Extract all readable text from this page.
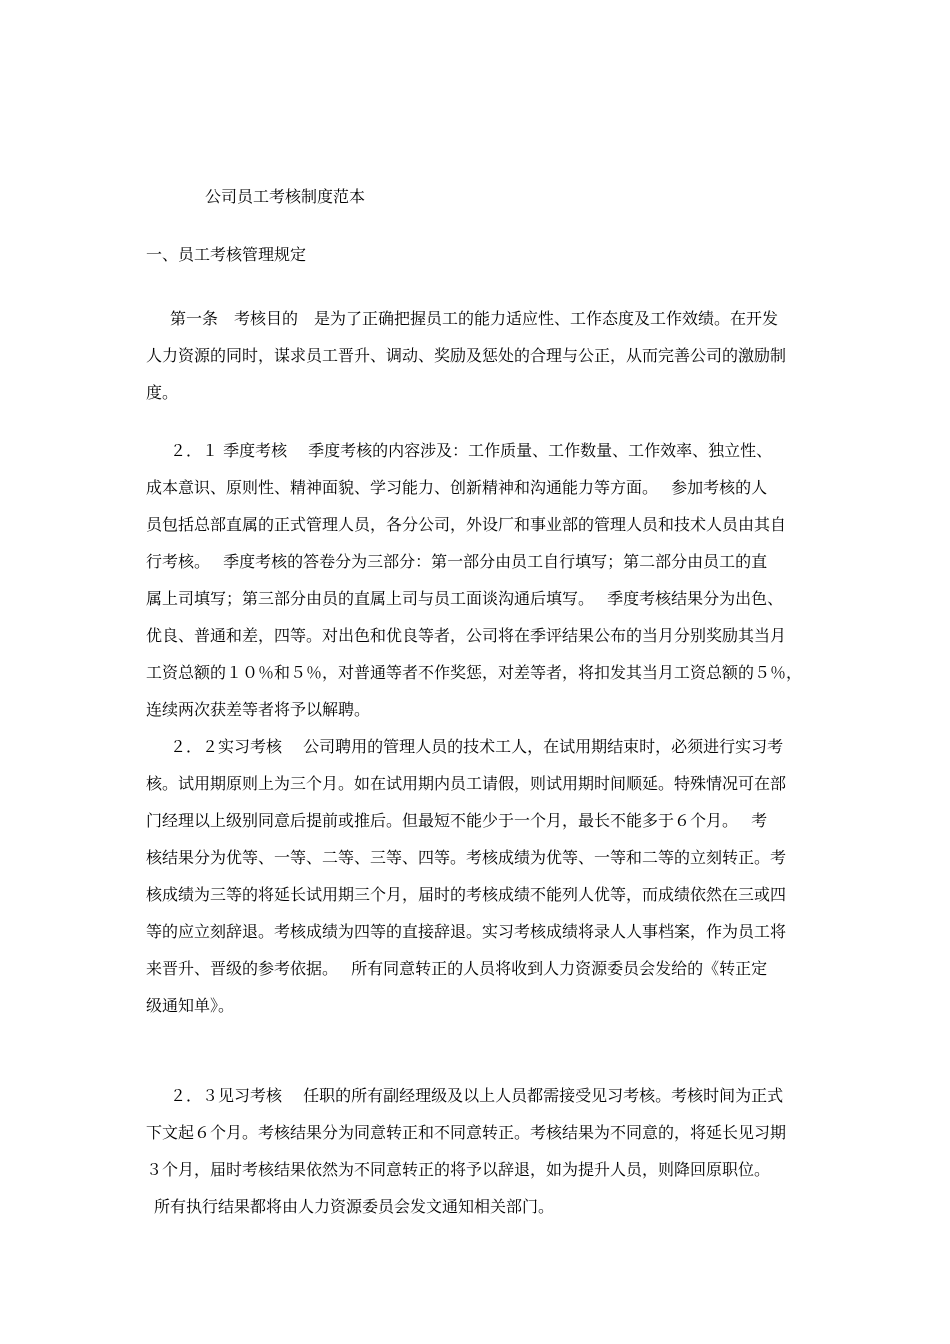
公司员工考核制度范本
一、员工考核管理规定
第一条　考核目的　是为了正确把握员工的能力适应性、工作态度及工作效绩。在开发
人力资源的同时，谋求员工晋升、调动、奖励及惩处的合理与公正，从而完善公司的激励制
度。
２．１ 季度考核　 季度考核的内容涉及：工作质量、工作数量、工作效率、独立性、
成本意识、原则性、精神面貌、学习能力、创新精神和沟通能力等方面。　 参加考核的人
员包括总部直属的正式管理人员，各分公司，外设厂和事业部的管理人员和技术人员由其自
行考核。　 季度考核的答卷分为三部分：第一部分由员工自行填写；第二部分由员工的直
属上司填写；第三部分由员的直属上司与员工面谈沟通后填写。　 季度考核结果分为出色、
优良、普通和差，四等。对出色和优良等者，公司将在季评结果公布的当月分别奖励其当月
工资总额的１０％和５％，对普通等者不作奖惩，对差等者，将扣发其当月工资总额的５％，
连续两次获差等者将予以解聘。
２．２实习考核　 公司聘用的管理人员的技术工人，在试用期结束时，必须进行实习考
核。试用期原则上为三个月。如在试用期内员工请假，则试用期时间顺延。特殊情况可在部
门经理以上级别同意后提前或推后。但最短不能少于一个月，最长不能多于６个月。　 考
核结果分为优等、一等、二等、三等、四等。考核成绩为优等、一等和二等的立刻转正。考
核成绩为三等的将延长试用期三个月，届时的考核成绩不能列人优等，而成绩依然在三或四
等的应立刻辞退。考核成绩为四等的直接辞退。实习考核成绩将录人人事档案，作为员工将
来晋升、晋级的参考依据。　 所有同意转正的人员将收到人力资源委员会发给的《转正定
级通知单》。
２．３见习考核　 任职的所有副经理级及以上人员都需接受见习考核。考核时间为正式
下文起６个月。考核结果分为同意转正和不同意转正。考核结果为不同意的，将延长见习期
３个月，届时考核结果依然为不同意转正的将予以辞退，如为提升人员，则降回原职位。
所有执行结果都将由人力资源委员会发文通知相关部门。
